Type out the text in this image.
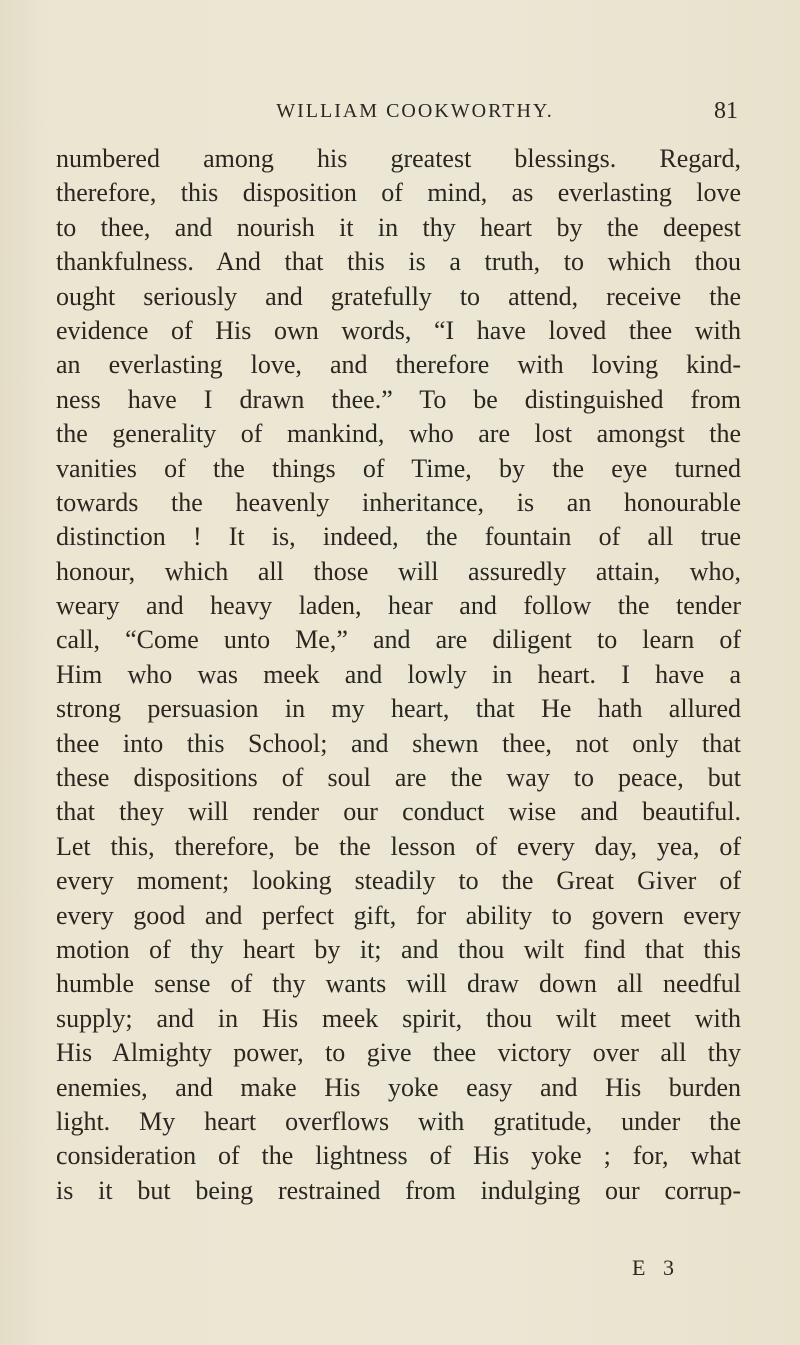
WILLIAM COOKWORTHY.	81
numbered among his greatest blessings. Regard,
therefore, this disposition of mind, as everlasting love
to thee, and nourish it in thy heart by the deepest
thankfulness. And that this is a truth, to which thou
ought seriously and gratefully to attend, receive the
evidence of His own words, “I have loved thee with
an everlasting love, and therefore with loving kind-
ness have I drawn thee.” To be distinguished from
the generality of mankind, who are lost amongst the
vanities of the things of Time, by the eye turned
towards the heavenly inheritance, is an honourable
distinction ! It is, indeed, the fountain of all true
honour, which all those will assuredly attain, who,
weary and heavy laden, hear and follow the tender
call, “Come unto Me,” and are diligent to learn of
Him who was meek and lowly in heart. I have a
strong persuasion in my heart, that He hath allured
thee into this School; and shewn thee, not only that
these dispositions of soul are the way to peace, but
that they will render our conduct wise and beautiful.
Let this, therefore, be the lesson of every day, yea, of
every moment; looking steadily to the Great Giver of
every good and perfect gift, for ability to govern every
motion of thy heart by it; and thou wilt find that this
humble sense of thy wants will draw down all needful
supply; and in His meek spirit, thou wilt meet with
His Almighty power, to give thee victory over all thy
enemies, and make His yoke easy and His burden
light. My heart overflows with gratitude, under the
consideration of the lightness of His yoke ; for, what
is it but being restrained from indulging our corrup-
E 3
